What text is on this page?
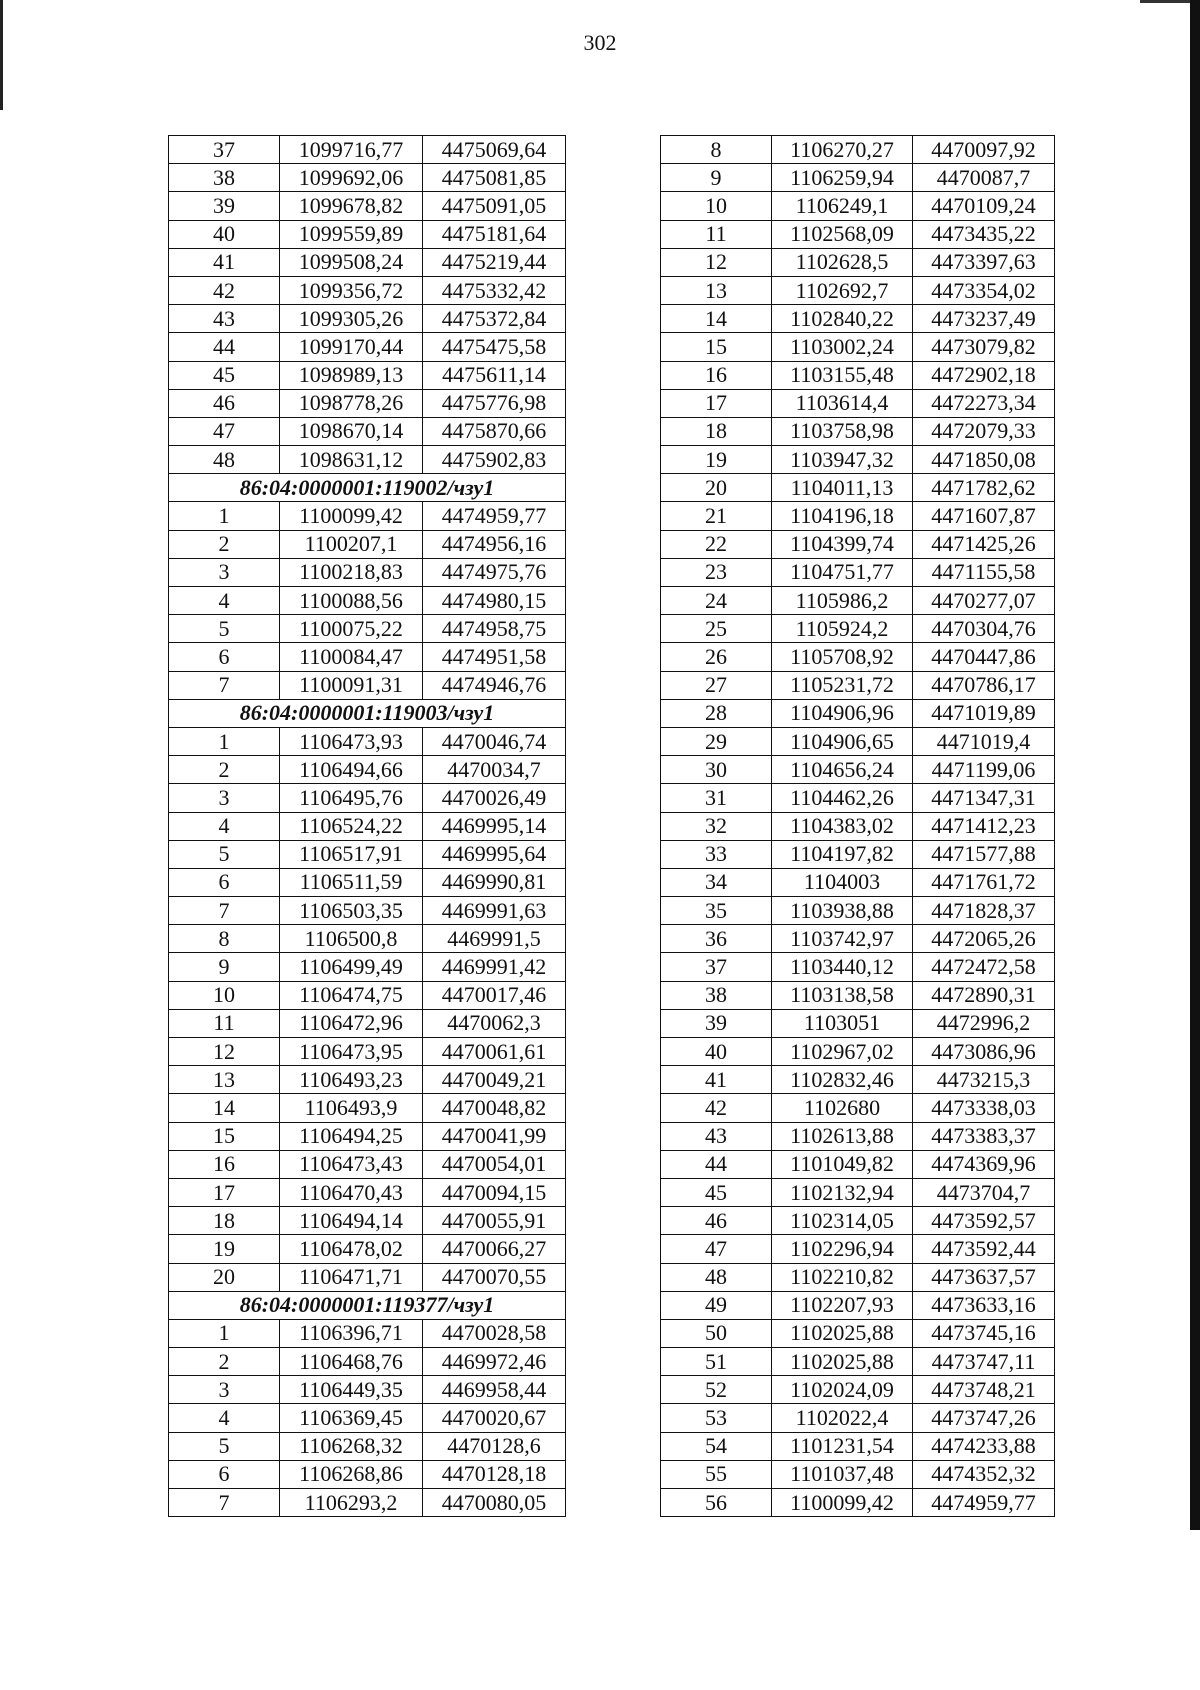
302
37	1099716,77	4475069,64
38	1099692,06	4475081,85
39	1099678,82	4475091,05
40	1099559,89	4475181,64
41	1099508,24	4475219,44
42	1099356,72	4475332,42
43	1099305,26	4475372,84
44	1099170,44	4475475,58
45	1098989,13	4475611,14
46	1098778,26	4475776,98
47	1098670,14	4475870,66
48	1098631,12	4475902,83
86:04:0000001:119002/чзу1		
1	1100099,42	4474959,77
2	1100207,1	4474956,16
3	1100218,83	4474975,76
4	1100088,56	4474980,15
5	1100075,22	4474958,75
6	1100084,47	4474951,58
7	1100091,31	4474946,76
86:04:0000001:119003/чзу1		
1	1106473,93	4470046,74
2	1106494,66	4470034,7
3	1106495,76	4470026,49
4	1106524,22	4469995,14
5	1106517,91	4469995,64
6	1106511,59	4469990,81
7	1106503,35	4469991,63
8	1106500,8	4469991,5
9	1106499,49	4469991,42
10	1106474,75	4470017,46
11	1106472,96	4470062,3
12	1106473,95	4470061,61
13	1106493,23	4470049,21
14	1106493,9	4470048,82
15	1106494,25	4470041,99
16	1106473,43	4470054,01
17	1106470,43	4470094,15
18	1106494,14	4470055,91
19	1106478,02	4470066,27
20	1106471,71	4470070,55
86:04:0000001:119377/чзу1		
1	1106396,71	4470028,58
2	1106468,76	4469972,46
3	1106449,35	4469958,44
4	1106369,45	4470020,67
5	1106268,32	4470128,6
6	1106268,86	4470128,18
7	1106293,2	4470080,05
8	1106270,27	4470097,92
9	1106259,94	4470087,7
10	1106249,1	4470109,24
11	1102568,09	4473435,22
12	1102628,5	4473397,63
13	1102692,7	4473354,02
14	1102840,22	4473237,49
15	1103002,24	4473079,82
16	1103155,48	4472902,18
17	1103614,4	4472273,34
18	1103758,98	4472079,33
19	1103947,32	4471850,08
20	1104011,13	4471782,62
21	1104196,18	4471607,87
22	1104399,74	4471425,26
23	1104751,77	4471155,58
24	1105986,2	4470277,07
25	1105924,2	4470304,76
26	1105708,92	4470447,86
27	1105231,72	4470786,17
28	1104906,96	4471019,89
29	1104906,65	4471019,4
30	1104656,24	4471199,06
31	1104462,26	4471347,31
32	1104383,02	4471412,23
33	1104197,82	4471577,88
34	1104003	4471761,72
35	1103938,88	4471828,37
36	1103742,97	4472065,26
37	1103440,12	4472472,58
38	1103138,58	4472890,31
39	1103051	4472996,2
40	1102967,02	4473086,96
41	1102832,46	4473215,3
42	1102680	4473338,03
43	1102613,88	4473383,37
44	1101049,82	4474369,96
45	1102132,94	4473704,7
46	1102314,05	4473592,57
47	1102296,94	4473592,44
48	1102210,82	4473637,57
49	1102207,93	4473633,16
50	1102025,88	4473745,16
51	1102025,88	4473747,11
52	1102024,09	4473748,21
53	1102022,4	4473747,26
54	1101231,54	4474233,88
55	1101037,48	4474352,32
56	1100099,42	4474959,77
